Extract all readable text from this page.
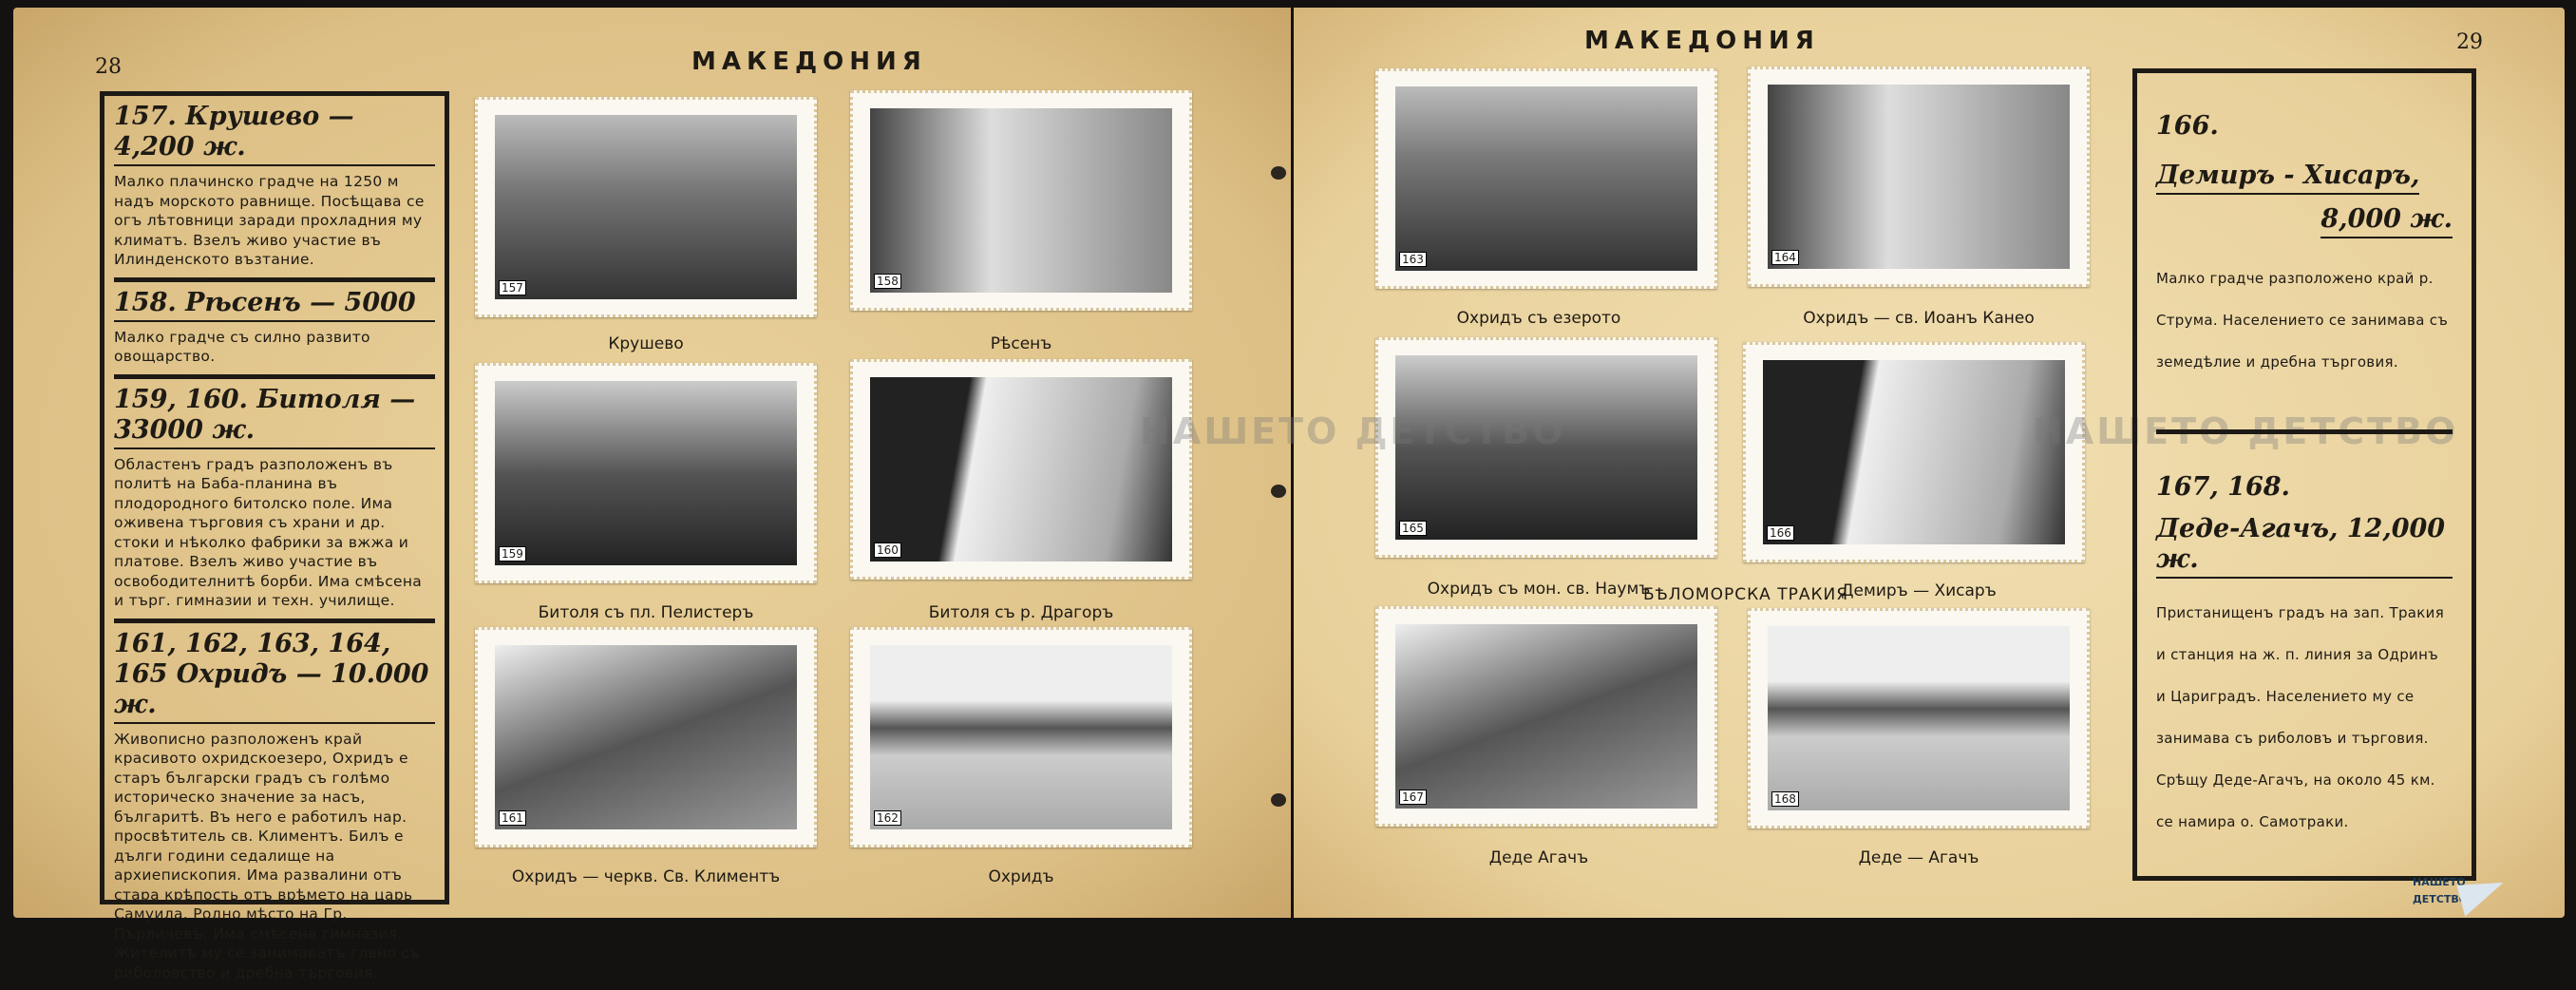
28	МАКЕДОНИЯ
157. Крушево — 4,200 ж.
Малко плачинско градче на 1250 м надъ морското равнище. Посѣщава се огъ лѣтовници заради прохладния му климатъ. Взелъ живо участие въ Илинденското възтание.
158. Рѣсенъ — 5000
Малко градче съ силно развито овощарство.
159, 160. Битоля — 33000 ж.
Областенъ градъ разположенъ въ политѣ на Баба-планина въ плодородного битолско поле. Има оживена търговия съ храни и др. стоки и нѣколко фабрики за вжжа и платове. Взелъ живо участие въ освободителнитѣ борби. Има смѣсена и търг. гимназии и техн. училище.
161, 162, 163, 164, 165 Охридъ — 10.000 ж.
Живописно разположенъ край красивото охридскоезеро, Охридъ е старъ български градъ съ голѣмо историческо значение за насъ, българитѣ. Въ него е работилъ нар. просвѣтитель св. Климентъ. Билъ е дълги години седалище на архиепископия. Има развалини отъ стара крѣпость отъ врѣмето на царь Самуила. Родно мѣсто на Гр. Пърличевъ. Има смѣсена гимназия. Жителитѣ му се занимаватъ глвно съ риболовство и дребна търговия.
157
Крушево
163
Охридъ съ езерото
158
Рѣсенъ
164
Охридъ — св. Иоанъ Канео
159
Битоля съ пл. Пелистеръ
165
Охридъ съ мон. св. Наумъ
160
Битоля съ р. Драгоръ
166
Демиръ — Хисаръ
161
Охридъ — черкв. Св. Климентъ
167
Деде Агачъ
162
Охридъ
168
Деде — Агачъ
НАШЕТО ДЕТСТВО	НАШЕТО ДЕТСТВО
29
МАКЕДОНИЯ
БѢЛОМОРСКА ТРАКИЯ
166.
Демиръ - Хисаръ,
8,000 ж.
Малко градче разположено край р. Струма. Населението се занимава съ земедѣлие и дребна търговия.
167, 168.
Деде-Агачъ, 12,000 ж.
Пристанищенъ градъ на зап. Тракия и станция на ж. п. линия за Одринъ и Цариградъ. Населението му се занимава съ риболовъ и търговия. Срѣщу Деде-Агачъ, на около 45 км. се намира о. Самотраки.
НАШЕТО
ДЕТСТВО
